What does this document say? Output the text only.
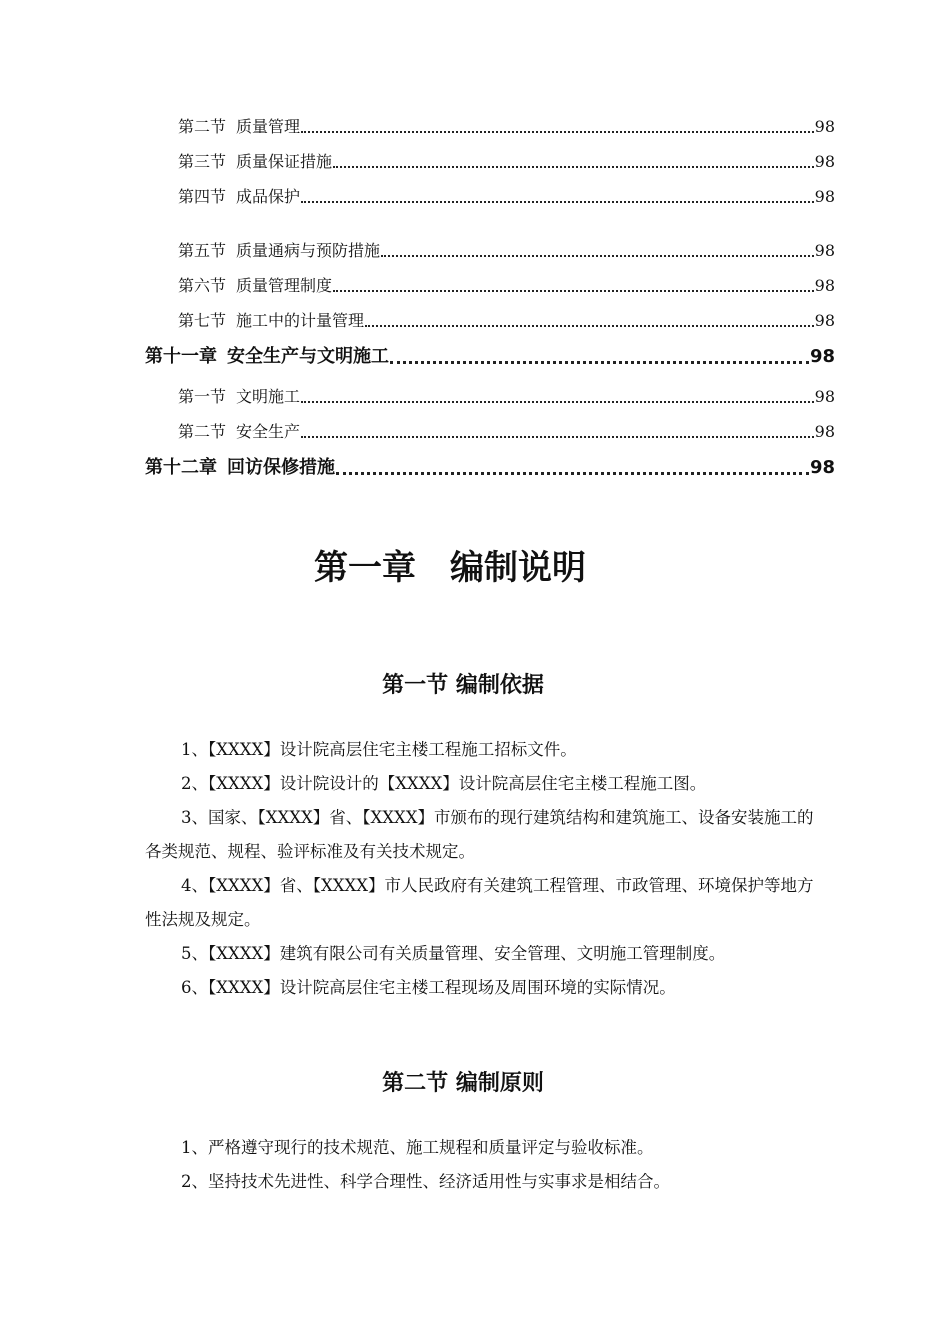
第二节 质量管理	98
第三节 质量保证措施	98
第四节 成品保护	98
第五节 质量通病与预防措施	98
第六节 质量管理制度	98
第七节 施工中的计量管理	98
第十一章 安全生产与文明施工	98
第一节 文明施工	98
第二节 安全生产	98
第十二章 回访保修措施	98
第一章 编制说明
第一节 编制依据
1、【XXXX】设计院高层住宅主楼工程施工招标文件。
2、【XXXX】设计院设计的【XXXX】设计院高层住宅主楼工程施工图。
3、国家、【XXXX】省、【XXXX】市颁布的现行建筑结构和建筑施工、设备安装施工的各类规范、规程、验评标准及有关技术规定。
4、【XXXX】省、【XXXX】市人民政府有关建筑工程管理、市政管理、环境保护等地方性法规及规定。
5、【XXXX】建筑有限公司有关质量管理、安全管理、文明施工管理制度。
6、【XXXX】设计院高层住宅主楼工程现场及周围环境的实际情况。
第二节 编制原则
1、严格遵守现行的技术规范、施工规程和质量评定与验收标准。
2、坚持技术先进性、科学合理性、经济适用性与实事求是相结合。
